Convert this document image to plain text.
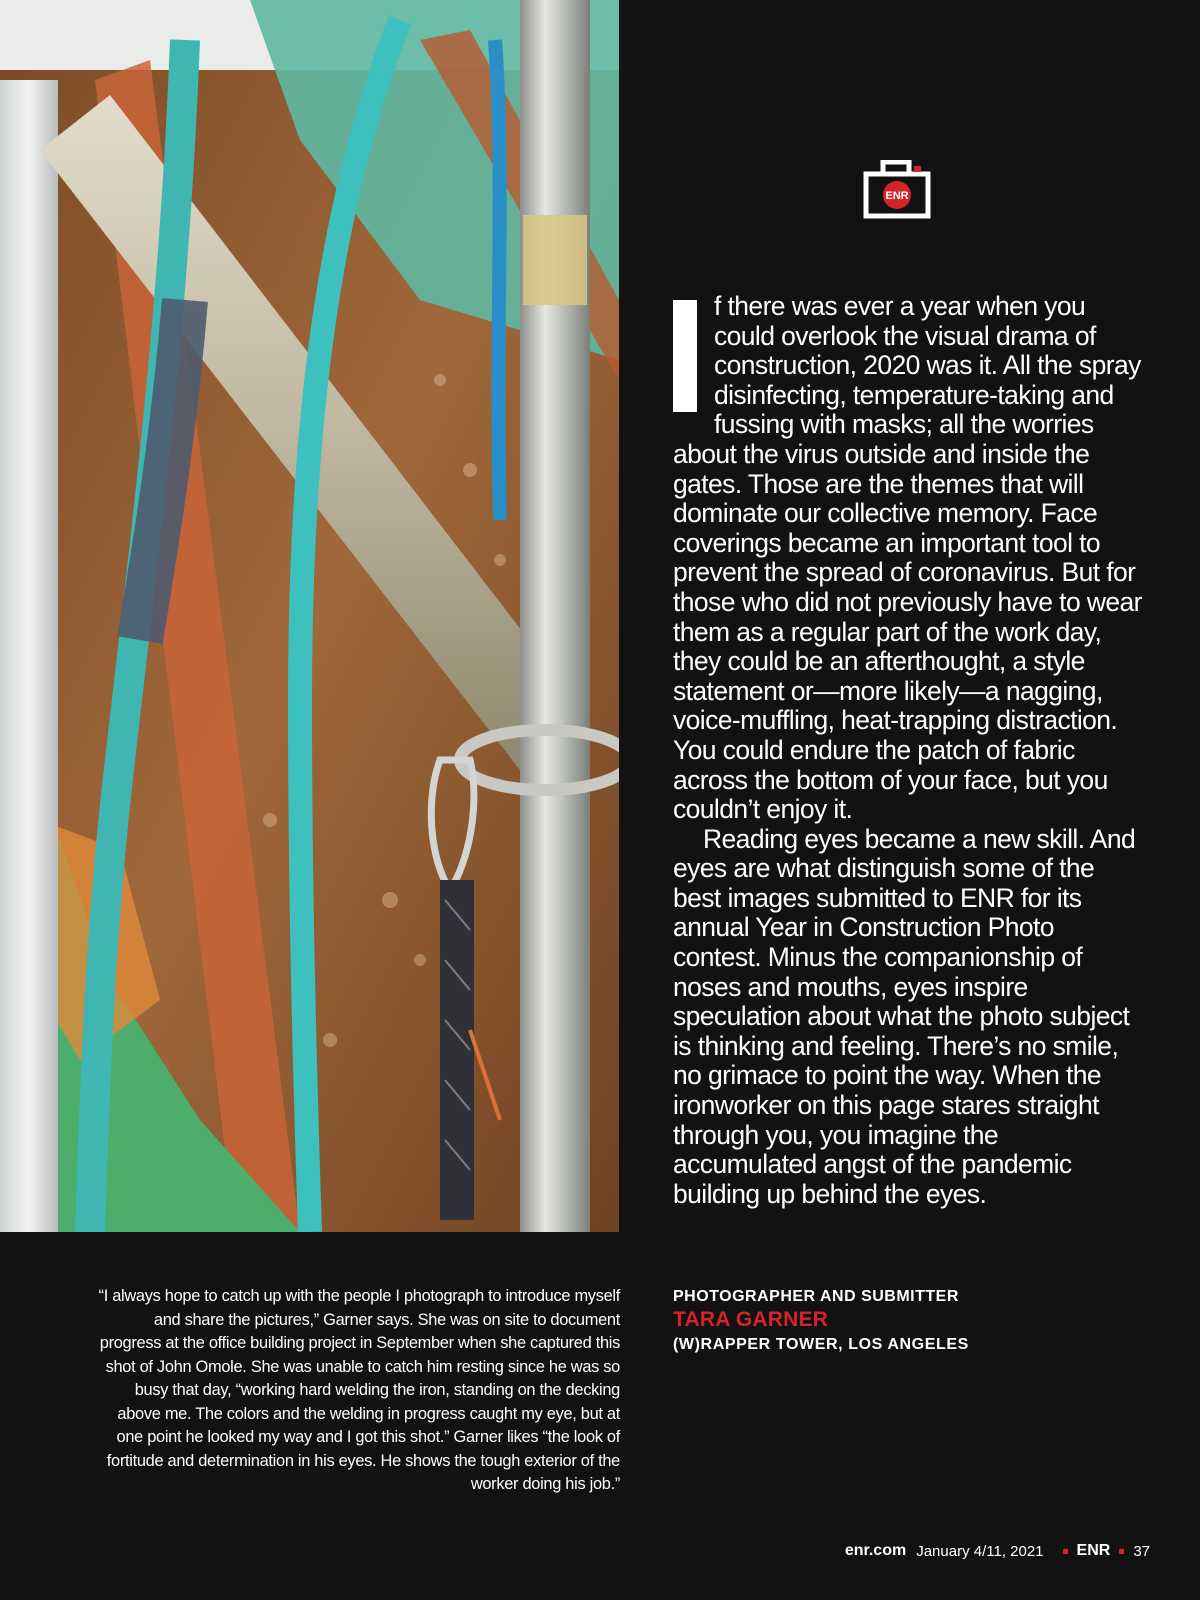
ENR

f there was ever a year when you could overlook the visual drama of construction, 2020 was it. All the spray disinfecting, temperature-taking and fussing with masks; all the worries about the virus outside and inside the gates. Those are the themes that will dominate our collective memory. Face coverings became an important tool to prevent the spread of coronavirus. But for those who did not previously have to wear them as a regular part of the work day, they could be an afterthought, a style statement or—more likely—a nagging, voice-muffling, heat-trapping distraction. You could endure the patch of fabric across the bottom of your face, but you couldn’t enjoy it.

Reading eyes became a new skill. And eyes are what distinguish some of the best images submitted to ENR for its annual Year in Construction Photo contest. Minus the companionship of noses and mouths, eyes inspire speculation about what the photo subject is thinking and feeling. There’s no smile, no grimace to point the way. When the ironworker on this page stares straight through you, you imagine the accumulated angst of the pandemic building up behind the eyes.

“I always hope to catch up with the people I photograph to introduce myself and share the pictures,” Garner says. She was on site to document progress at the office building project in September when she captured this shot of John Omole. She was unable to catch him resting since he was so busy that day, “working hard welding the iron, standing on the decking above me. The colors and the welding in progress caught my eye, but at one point he looked my way and I got this shot.” Garner likes “the look of fortitude and determination in his eyes. He shows the tough exterior of the worker doing his job.”
PHOTOGRAPHER AND SUBMITTER
TARA GARNER
(W)RAPPER TOWER, LOS ANGELES
enr.com January 4/11, 2021 ENR 37
